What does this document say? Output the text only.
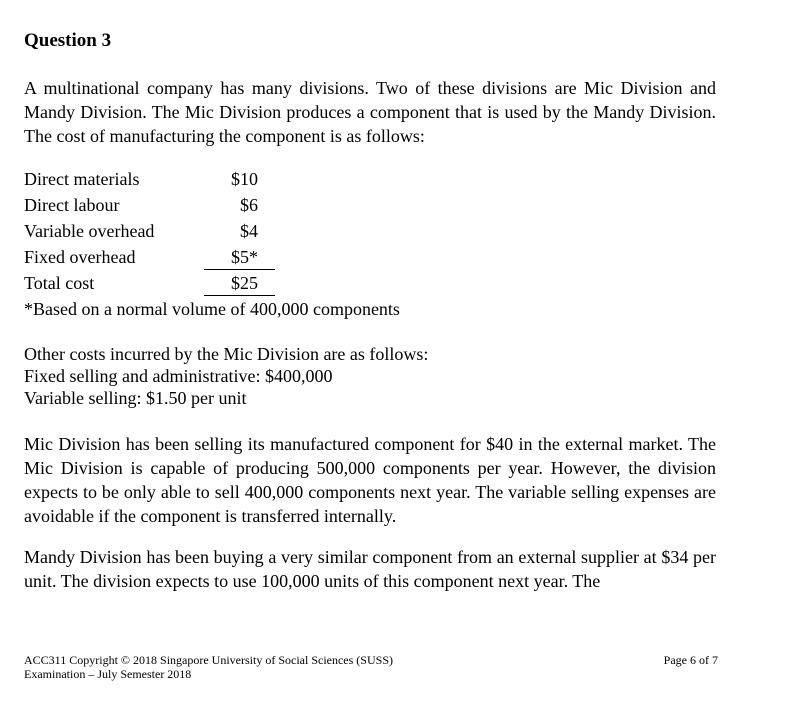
Question 3

A multinational company has many divisions. Two of these divisions are Mic Division and Mandy Division. The Mic Division produces a component that is used by the Mandy Division. The cost of manufacturing the component is as follows:

Direct materials	$10
Direct labour	$6
Variable overhead	$4
Fixed overhead	$5*
Total cost	$25
*Based on a normal volume of 400,000 components
Other costs incurred by the Mic Division are as follows:
Fixed selling and administrative: $400,000
Variable selling: $1.50 per unit

Mic Division has been selling its manufactured component for $40 in the external market. The Mic Division is capable of producing 500,000 components per year. However, the division expects to be only able to sell 400,000 components next year. The variable selling expenses are avoidable if the component is transferred internally.

Mandy Division has been buying a very similar component from an external supplier at $34 per unit. The division expects to use 100,000 units of this component next year. The

ACC311 Copyright © 2018 Singapore University of Social Sciences (SUSS)
Examination – July Semester 2018
Page 6 of 7
